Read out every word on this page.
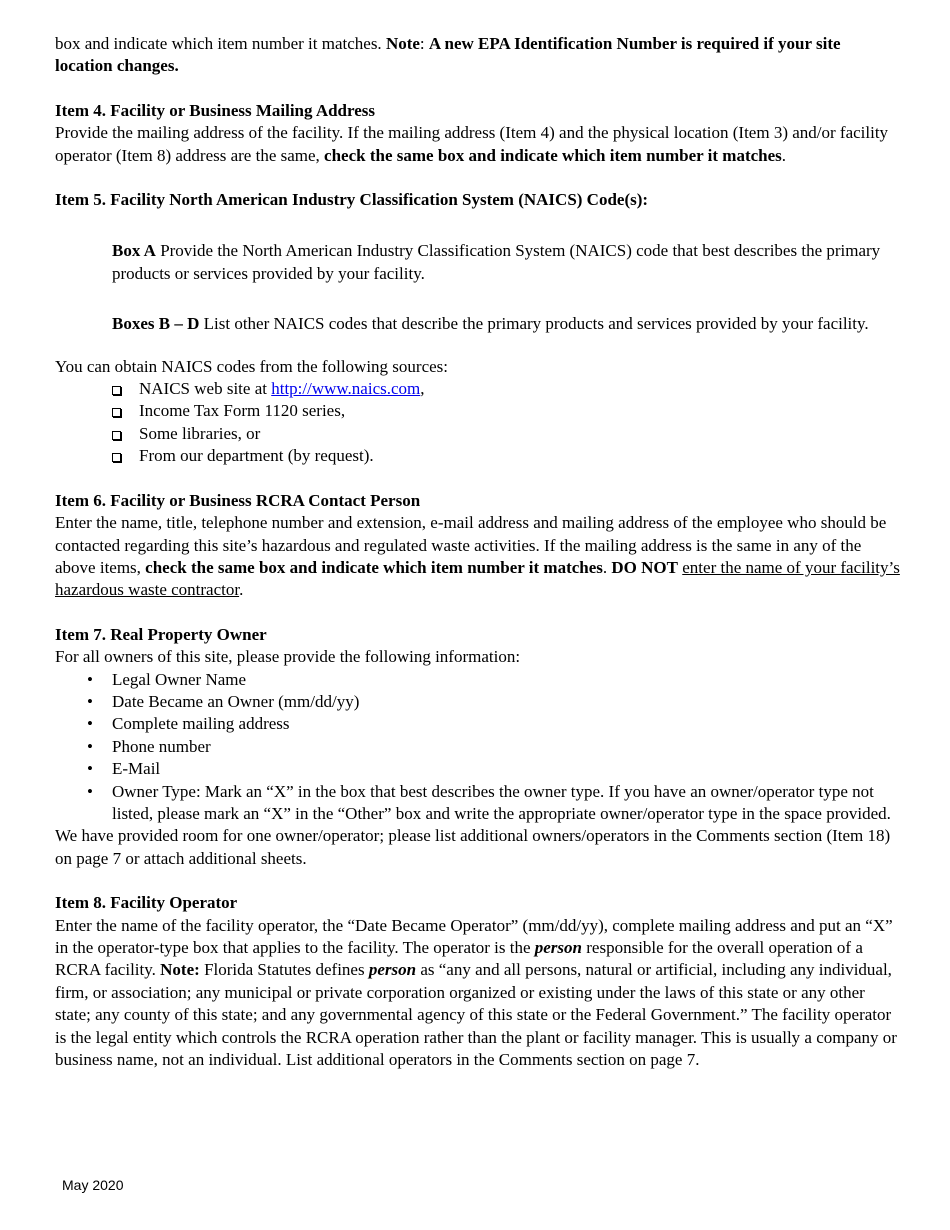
box and indicate which item number it matches. Note: A new EPA Identification Number is required if your site location changes.

Item 4. Facility or Business Mailing Address

Provide the mailing address of the facility. If the mailing address (Item 4) and the physical location (Item 3) and/or facility operator (Item 8) address are the same, check the same box and indicate which item number it matches.

Item 5. Facility North American Industry Classification System (NAICS) Code(s):

Box A Provide the North American Industry Classification System (NAICS) code that best describes the primary products or services provided by your facility.

Boxes B – D List other NAICS codes that describe the primary products and services provided by your facility.

You can obtain NAICS codes from the following sources:

NAICS web site at http://www.naics.com,
Income Tax Form 1120 series,
Some libraries, or
From our department (by request).

Item 6. Facility or Business RCRA Contact Person

Enter the name, title, telephone number and extension, e-mail address and mailing address of the employee who should be contacted regarding this site’s hazardous and regulated waste activities. If the mailing address is the same in any of the above items, check the same box and indicate which item number it matches. DO NOT enter the name of your facility’s hazardous waste contractor.

Item 7. Real Property Owner

For all owners of this site, please provide the following information:

• Legal Owner Name
• Date Became an Owner (mm/dd/yy)
• Complete mailing address
• Phone number
• E-Mail
• Owner Type: Mark an “X” in the box that best describes the owner type. If you have an owner/operator type not listed, please mark an “X” in the “Other” box and write the appropriate owner/operator type in the space provided.

We have provided room for one owner/operator; please list additional owners/operators in the Comments section (Item 18) on page 7 or attach additional sheets.

Item 8. Facility Operator

Enter the name of the facility operator, the “Date Became Operator” (mm/dd/yy), complete mailing address and put an “X” in the operator-type box that applies to the facility. The operator is the person responsible for the overall operation of a RCRA facility. Note: Florida Statutes defines person as “any and all persons, natural or artificial, including any individual, firm, or association; any municipal or private corporation organized or existing under the laws of this state or any other state; any county of this state; and any governmental agency of this state or the Federal Government.” The facility operator is the legal entity which controls the RCRA operation rather than the plant or facility manager. This is usually a company or business name, not an individual. List additional operators in the Comments section on page 7.

May 2020
